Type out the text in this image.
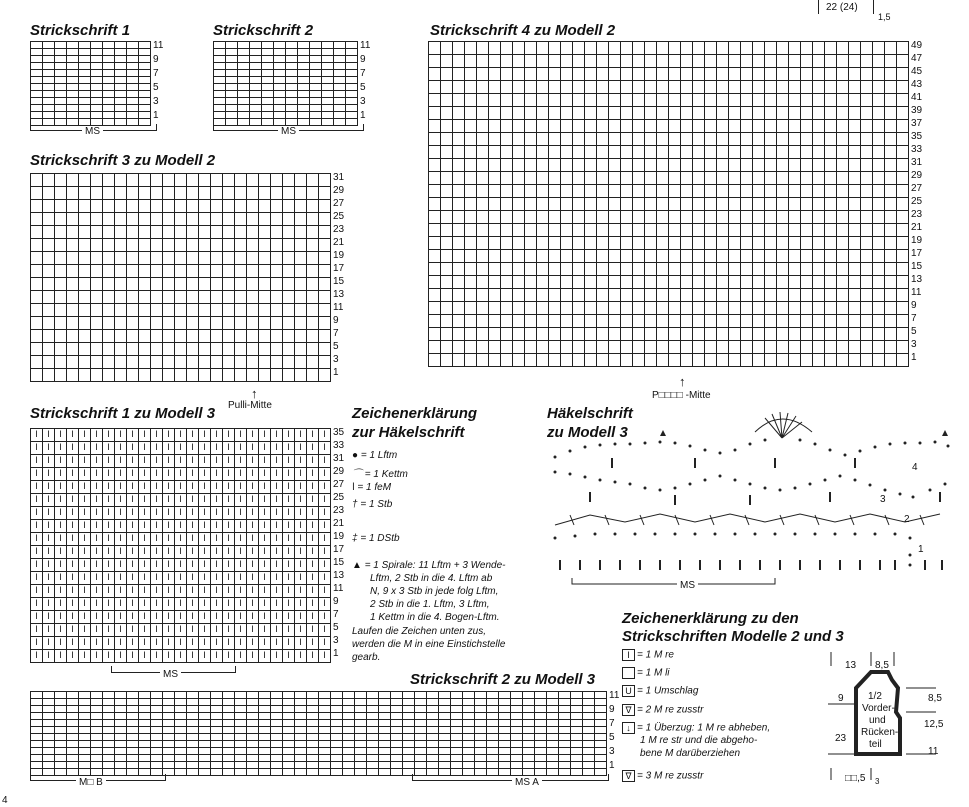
22 (24)
1,5
Strickschrift 1
11
9
7
5
3
1
MS
Strickschrift 2
11
9
7
5
3
1
MS
Strickschrift 3 zu Modell 2
31
29
27
25
23
21
19
17
15
13
11
9
7
5
3
1
↑
Pulli-Mitte
Strickschrift 4 zu Modell 2
49
47
45
43
41
39
37
35
33
31
29
27
25
23
21
19
17
15
13
11
9
7
5
3
1
↑
P□□□□ -Mitte
Strickschrift 1 zu Modell 3
I	I	I	I	I	I	I	I	I	I	I	I	I	I	I	I	I	I	I	I	I	I	I	I	I
I	I	I	I	I	I	I	I	I	I	I	I	I	I	I	I	I	I	I	I	I	I	I	I	I
I	I	I	I	I	I	I	I	I	I	I	I	I	I	I	I	I	I	I	I	I	I	I	I	I
I	I	I	I	I	I	I	I	I	I	I	I	I	I	I	I	I	I	I	I	I	I	I	I	I
I	I	I	I	I	I	I	I	I	I	I	I	I	I	I	I	I	I	I	I	I	I	I	I	I
I	I	I	I	I	I	I	I	I	I	I	I	I	I	I	I	I	I	I	I	I	I	I	I	I
I	I	I	I	I	I	I	I	I	I	I	I	I	I	I	I	I	I	I	I	I	I	I	I	I
I	I	I	I	I	I	I	I	I	I	I	I	I	I	I	I	I	I	I	I	I	I	I	I	I
I	I	I	I	I	I	I	I	I	I	I	I	I	I	I	I	I	I	I	I	I	I	I	I	I
I	I	I	I	I	I	I	I	I	I	I	I	I	I	I	I	I	I	I	I	I	I	I	I	I
I	I	I	I	I	I	I	I	I	I	I	I	I	I	I	I	I	I	I	I	I	I	I	I	I
I	I	I	I	I	I	I	I	I	I	I	I	I	I	I	I	I	I	I	I	I	I	I	I	I
I	I	I	I	I	I	I	I	I	I	I	I	I	I	I	I	I	I	I	I	I	I	I	I	I
I	I	I	I	I	I	I	I	I	I	I	I	I	I	I	I	I	I	I	I	I	I	I	I	I
I	I	I	I	I	I	I	I	I	I	I	I	I	I	I	I	I	I	I	I	I	I	I	I	I
I	I	I	I	I	I	I	I	I	I	I	I	I	I	I	I	I	I	I	I	I	I	I	I	I
I	I	I	I	I	I	I	I	I	I	I	I	I	I	I	I	I	I	I	I	I	I	I	I	I
I	I	I	I	I	I	I	I	I	I	I	I	I	I	I	I	I	I	I	I	I	I	I	I	I
35
33
31
29
27
25
23
21
19
17
15
13
11
9
7
5
3
1
MS	Strickschrift 2 zu Modell 3
11
9
7
5
3
1
M□ B	MS A
Zeichenerklärung
zur Häkelschrift
● = 1 Lftm
⌒ = 1 Kettm
ǀ = 1 feM
† = 1 Stb
‡ = 1 DStb
▲ = 1 Spirale: 11 Lftm + 3 Wende-
Lftm, 2 Stb in die 4. Lftm ab
N, 9 x 3 Stb in jede folg Lftm,
2 Stb in die 1. Lftm, 3 Lftm,
1 Kettm in die 4. Bogen-Lftm.
Laufen die Zeichen unten zus,
werden die M in eine Einstichstelle
gearb.
Häkelschrift
zu Modell 3
4
3
2
1
MS
Zeichenerklärung zu den
Strickschriften Modelle 2 und 3
I = 1 M re
= 1 M li
U = 1 Umschlag
∇ = 2 M re zusstr
↓ = 1 Überzug: 1 M re abheben,
1 M re str und die abgeho-
bene M darüberziehen
∇ = 3 M re zusstr
13 8,5
9
23
8,5
12,5
11
□□,5 3
1/2
Vorder-
und
Rücken-
teil
4
